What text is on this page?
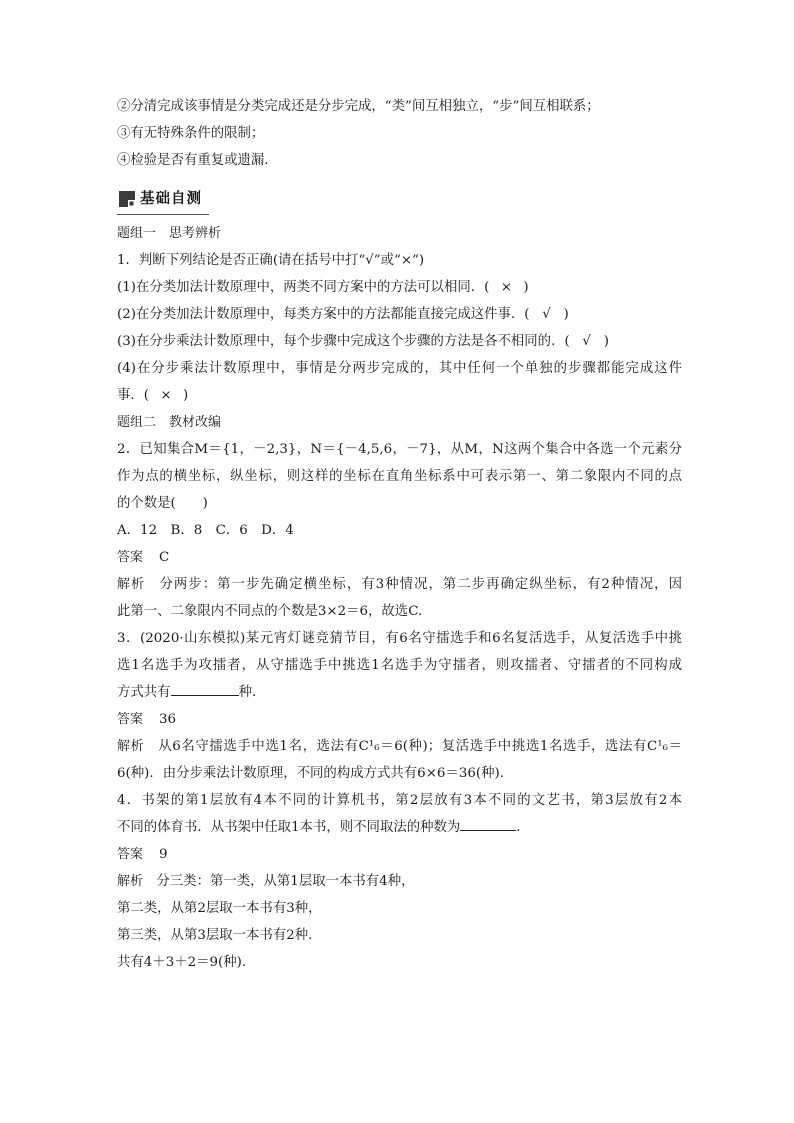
②分清完成该事情是分类完成还是分步完成，“类”间互相独立，“步”间互相联系；
③有无特殊条件的限制；
④检验是否有重复或遗漏．
基础自测
题组一　思考辨析
1．判断下列结论是否正确(请在括号中打“√”或“×”)
(1)在分类加法计数原理中，两类不同方案中的方法可以相同．( × )
(2)在分类加法计数原理中，每类方案中的方法都能直接完成这件事．( √ )
(3)在分步乘法计数原理中，每个步骤中完成这个步骤的方法是各不相同的．( √ )
(4)在分步乘法计数原理中，事情是分两步完成的，其中任何一个单独的步骤都能完成这件
事．( × )
题组二　教材改编
2．已知集合M＝{1，－2,3}，N＝{－4,5,6，－7}，从M，N这两个集合中各选一个元素分
作为点的横坐标，纵坐标，则这样的坐标在直角坐标系中可表示第一、第二象限内不同的点
的个数是(　　)
A．12　B．8　C．6　D．4
答案 C
解析　 分两步：第一步先确定横坐标，有3种情况，第二步再确定纵坐标，有2种情况，因
此第一、二象限内不同点的个数是3×2＝6，故选C.
3．(2020·山东模拟)某元宵灯谜竞猜节目，有6名守擂选手和6名复活选手，从复活选手中挑
选1名选手为攻擂者，从守擂选手中挑选1名选手为守擂者，则攻擂者、守擂者的不同构成
方式共有	种.
答案 36
解析　 从6名守擂选手中选1名，选法有C¹₆＝6(种)；复活选手中挑选1名选手，选法有C¹₆＝
6(种)．由分步乘法计数原理，不同的构成方式共有6×6＝36(种).
4．书架的第1层放有4本不同的计算机书，第2层放有3本不同的文艺书，第3层放有2本
不同的体育书．从书架中任取1本书，则不同取法的种数为	．
答案 9
解析　 分三类：第一类，从第1层取一本书有4种，
第二类，从第2层取一本书有3种，
第三类，从第3层取一本书有2种.
共有4＋3＋2＝9(种).
